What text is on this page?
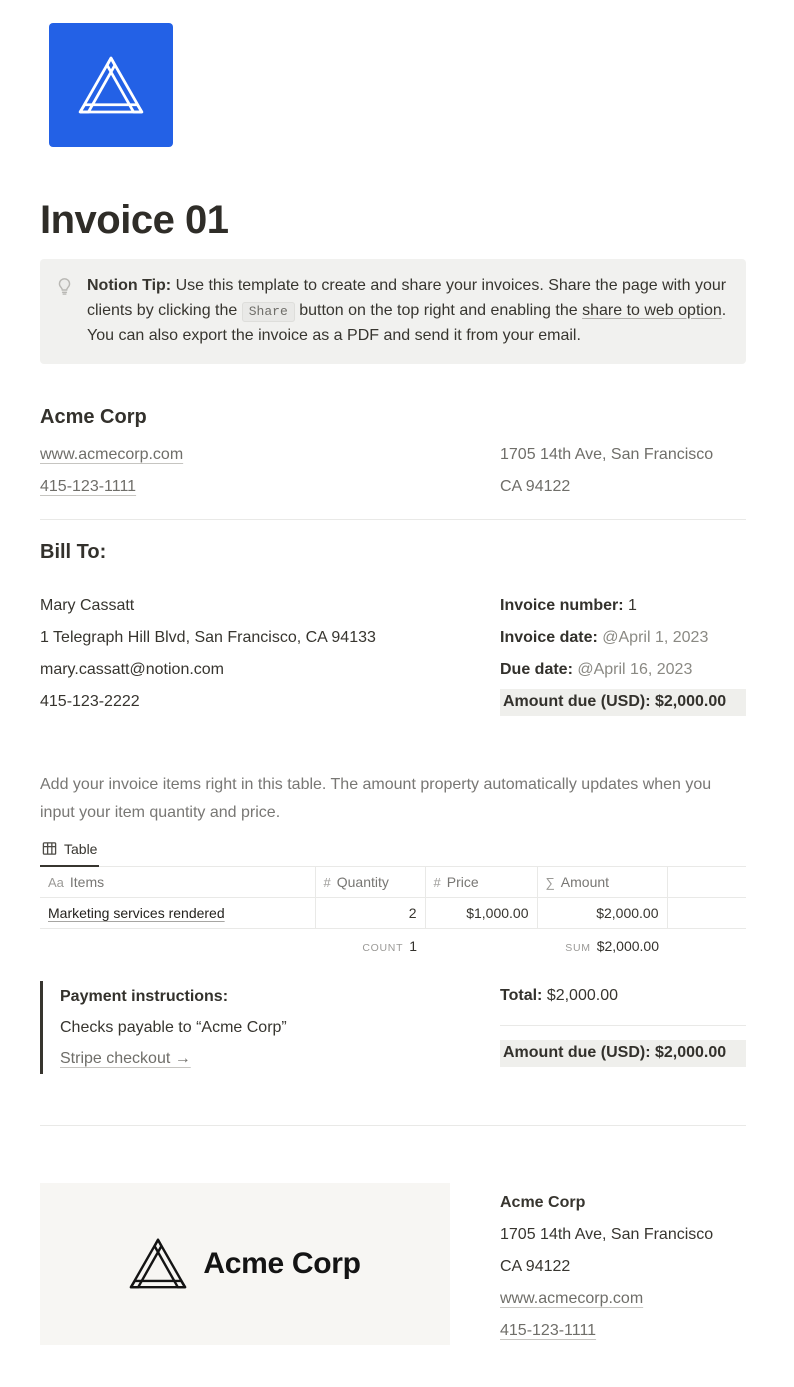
Invoice 01

Notion Tip: Use this template to create and share your invoices. Share the page with your clients by clicking the Share button on the top right and enabling the share to web option. You can also export the invoice as a PDF and send it from your email.

Acme Corp
www.acmecorp.com
415-123-1111
1705 14th Ave, San Francisco
CA 94122
Bill To:
Mary Cassatt
1 Telegraph Hill Blvd, San Francisco, CA 94133
mary.cassatt@notion.com
415-123-2222
Invoice number: 1
Invoice date: @April 1, 2023
Due date: @April 16, 2023
Amount due (USD): $2,000.00

Add your invoice items right in this table. The amount property automatically updates when you input your item quantity and price.

Table
Aa Items	# Quantity	# Price	∑ Amount	
Marketing services rendered	2	$1,000.00	$2,000.00	
	COUNT 1		SUM $2,000.00	
Payment instructions:
Checks payable to “Acme Corp”
Stripe checkout →
Total: $2,000.00
Amount due (USD): $2,000.00
Acme Corp
Acme Corp
1705 14th Ave, San Francisco
CA 94122
www.acmecorp.com
415-123-1111
